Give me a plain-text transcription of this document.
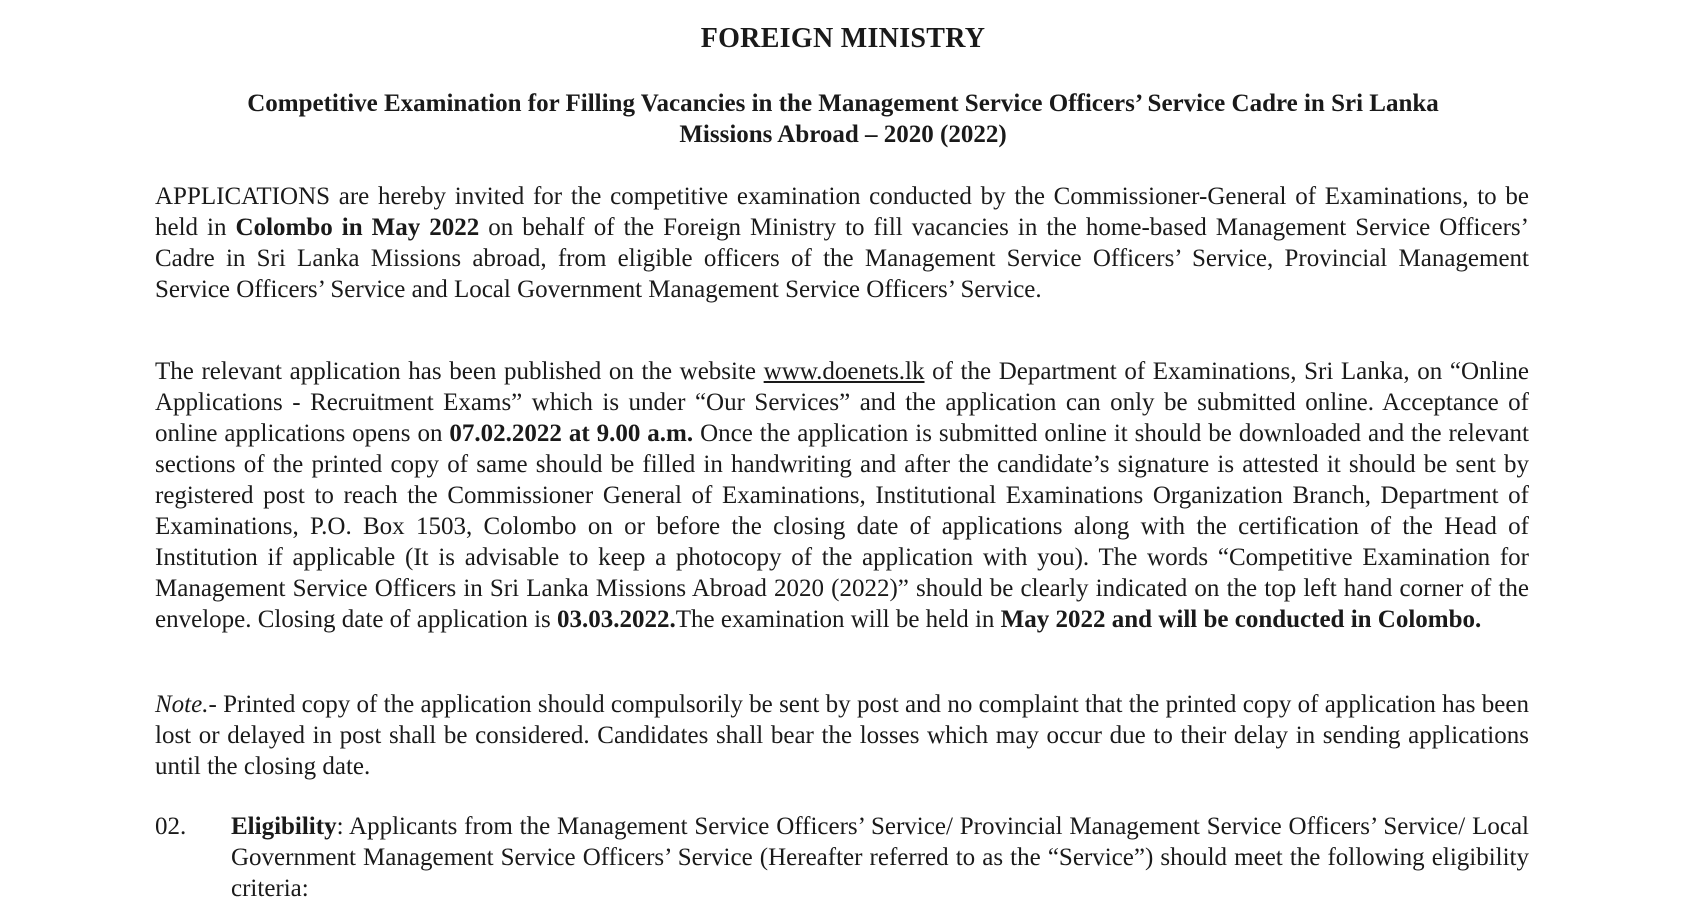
FOREIGN MINISTRY
Competitive Examination for Filling Vacancies in the Management Service Officers’ Service Cadre in Sri Lanka
Missions Abroad – 2020 (2022)

APPLICATIONS are hereby invited for the competitive examination conducted by the Commissioner-General of Examinations, to be held in Colombo in May 2022 on behalf of the Foreign Ministry to fill vacancies in the home-based Management Service Officers’ Cadre in Sri Lanka Missions abroad, from eligible officers of the Management Service Officers’ Service, Provincial Management Service Officers’ Service and Local Government Management Service Officers’ Service.

The relevant application has been published on the website www.doenets.lk of the Department of Examinations, Sri Lanka, on “Online Applications - Recruitment Exams” which is under “Our Services” and the application can only be submitted online. Acceptance of online applications opens on 07.02.2022 at 9.00 a.m. Once the application is submitted online it should be downloaded and the relevant sections of the printed copy of same should be filled in handwriting and after the candidate’s signature is attested it should be sent by registered post to reach the Commissioner General of Examinations, Institutional Examinations Organization Branch, Department of Examinations, P.O. Box 1503, Colombo on or before the closing date of applications along with the certification of the Head of Institution if applicable (It is advisable to keep a photocopy of the application with you). The words “Competitive Examination for Management Service Officers in Sri Lanka Missions Abroad 2020 (2022)” should be clearly indicated on the top left hand corner of the envelope. Closing date of application is 03.03.2022.The examination will be held in May 2022 and will be conducted in Colombo.

Note.- Printed copy of the application should compulsorily be sent by post and no complaint that the printed copy of application has been lost or delayed in post shall be considered. Candidates shall bear the losses which may occur due to their delay in sending applications until the closing date.

02. Eligibility: Applicants from the Management Service Officers’ Service/ Provincial Management Service Officers’ Service/ Local Government Management Service Officers’ Service (Hereafter referred to as the “Service”) should meet the following eligibility criteria:
